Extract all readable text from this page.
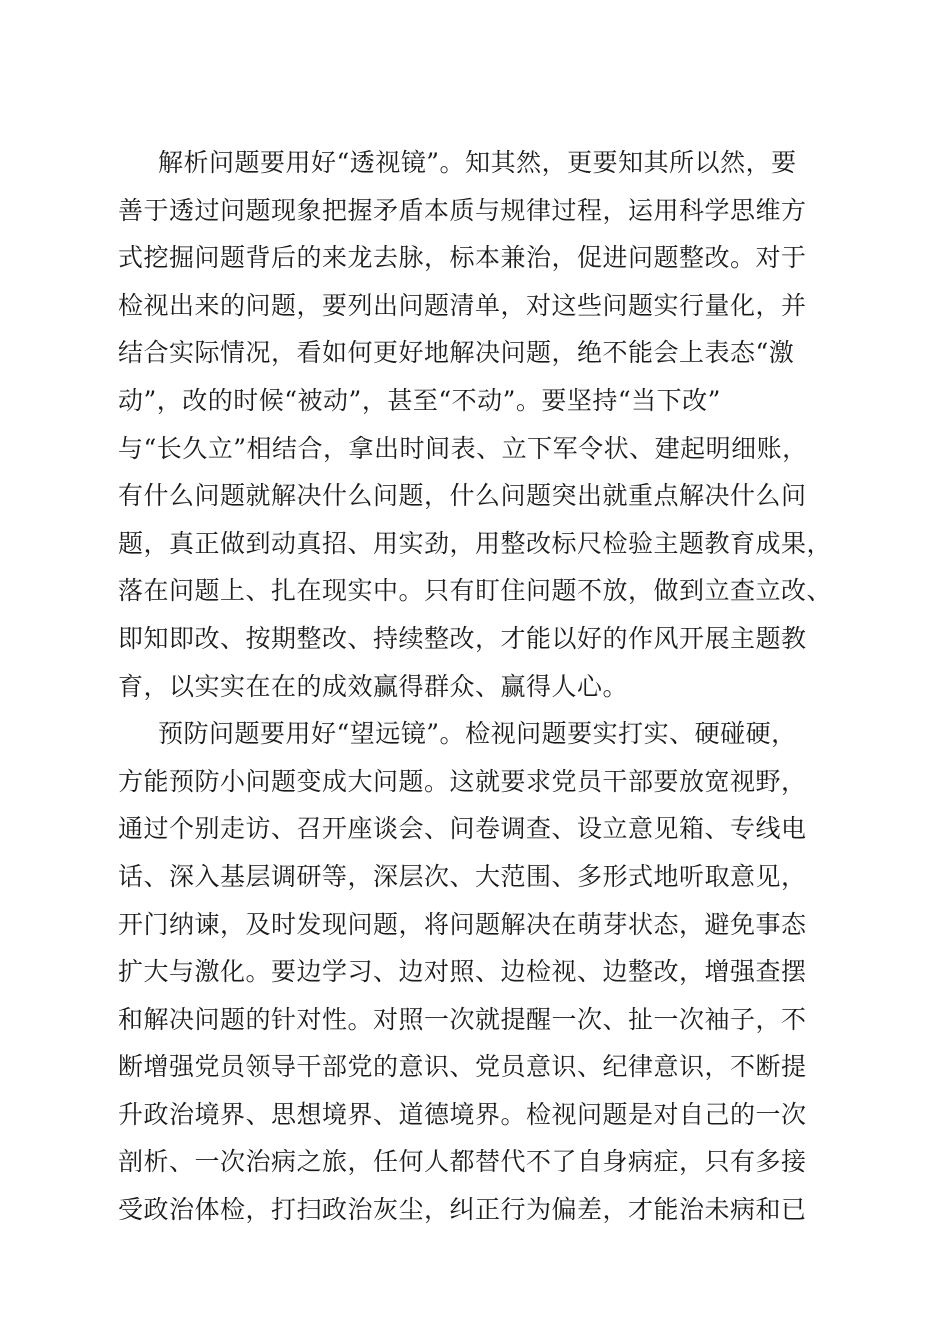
解析问题要用好“透视镜”。知其然，更要知其所以然，要
善于透过问题现象把握矛盾本质与规律过程，运用科学思维方
式挖掘问题背后的来龙去脉，标本兼治，促进问题整改。对于
检视出来的问题，要列出问题清单，对这些问题实行量化，并
结合实际情况，看如何更好地解决问题，绝不能会上表态“激
动”，改的时候“被动”，甚至“不动”。要坚持“当下改”
与“长久立”相结合，拿出时间表、立下军令状、建起明细账，
有什么问题就解决什么问题，什么问题突出就重点解决什么问
题，真正做到动真招、用实劲，用整改标尺检验主题教育成果，
落在问题上、扎在现实中。只有盯住问题不放，做到立查立改、
即知即改、按期整改、持续整改，才能以好的作风开展主题教
育，以实实在在的成效赢得群众、赢得人心。
预防问题要用好“望远镜”。检视问题要实打实、硬碰硬，
方能预防小问题变成大问题。这就要求党员干部要放宽视野，
通过个别走访、召开座谈会、问卷调查、设立意见箱、专线电
话、深入基层调研等，深层次、大范围、多形式地听取意见，
开门纳谏，及时发现问题，将问题解决在萌芽状态，避免事态
扩大与激化。要边学习、边对照、边检视、边整改，增强查摆
和解决问题的针对性。对照一次就提醒一次、扯一次袖子，不
断增强党员领导干部党的意识、党员意识、纪律意识，不断提
升政治境界、思想境界、道德境界。检视问题是对自己的一次
剖析、一次治病之旅，任何人都替代不了自身病症，只有多接
受政治体检，打扫政治灰尘，纠正行为偏差，才能治未病和已
